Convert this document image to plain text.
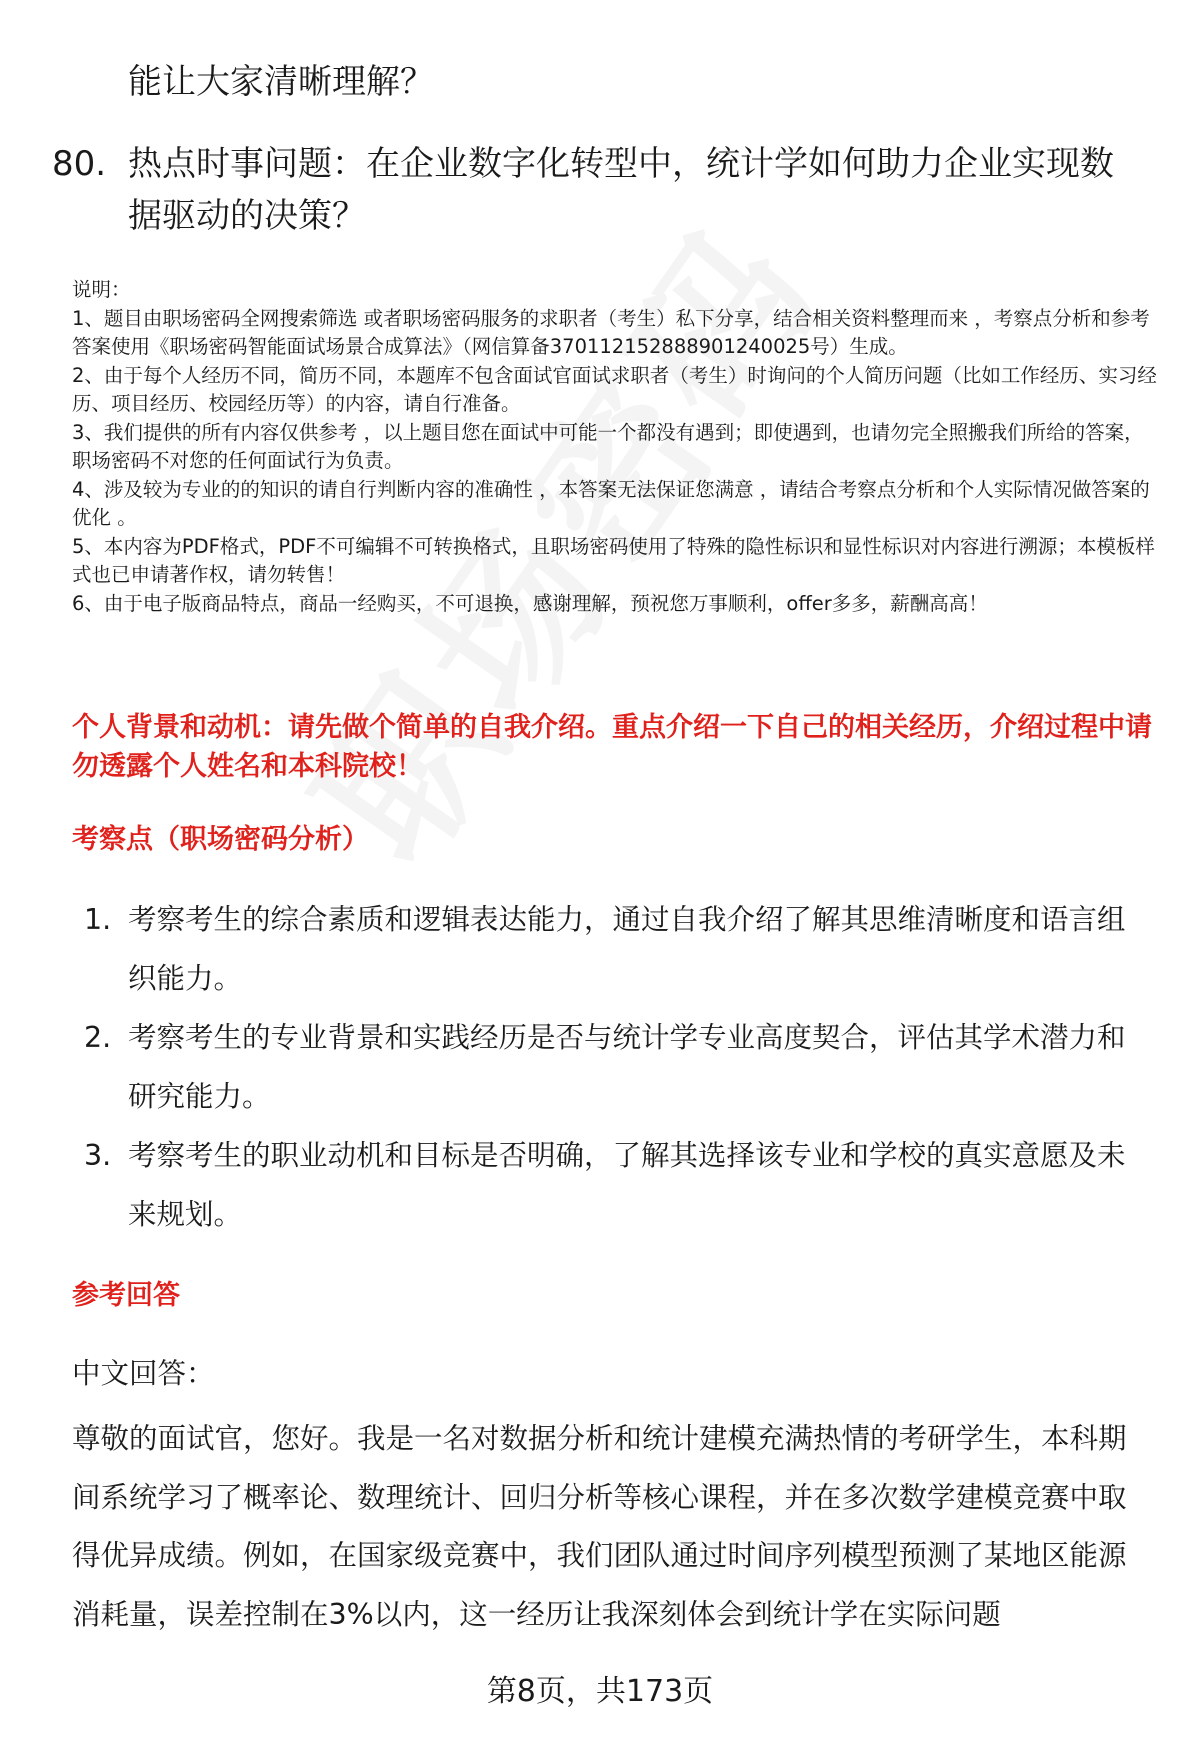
能让大家清晰理解？

80. 热点时事问题：在企业数字化转型中，统计学如何助力企业实现数据驱动的决策？

说明：

1、题目由职场密码全网搜索筛选 或者职场密码服务的求职者（考生）私下分享，结合相关资料整理而来 ，考察点分析和参考答案使用《职场密码智能面试场景合成算法》（网信算备370112152888901240025号）生成。

2、由于每个人经历不同，简历不同，本题库不包含面试官面试求职者（考生）时询问的个人简历问题（比如工作经历、实习经历、项目经历、校园经历等）的内容，请自行准备。

3、我们提供的所有内容仅供参考 ，以上题目您在面试中可能一个都没有遇到；即使遇到，也请勿完全照搬我们所给的答案，职场密码不对您的任何面试行为负责。

4、涉及较为专业的的知识的请自行判断内容的准确性 ，本答案无法保证您满意 ，请结合考察点分析和个人实际情况做答案的优化 。

5、本内容为PDF格式，PDF不可编辑不可转换格式，且职场密码使用了特殊的隐性标识和显性标识对内容进行溯源；本模板样式也已申请著作权，请勿转售！

6、由于电子版商品特点，商品一经购买，不可退换，感谢理解，预祝您万事顺利，offer多多，薪酬高高！

个人背景和动机：请先做个简单的自我介绍。重点介绍一下自己的相关经历，介绍过程中请勿透露个人姓名和本科院校！

考察点（职场密码分析）

1. 考察考生的综合素质和逻辑表达能力，通过自我介绍了解其思维清晰度和语言组织能力。
2. 考察考生的专业背景和实践经历是否与统计学专业高度契合，评估其学术潜力和研究能力。
3. 考察考生的职业动机和目标是否明确，了解其选择该专业和学校的真实意愿及未来规划。

参考回答

中文回答：

尊敬的面试官，您好。我是一名对数据分析和统计建模充满热情的考研学生，本科期间系统学习了概率论、数理统计、回归分析等核心课程，并在多次数学建模竞赛中取得优异成绩。例如，在国家级竞赛中，我们团队通过时间序列模型预测了某地区能源消耗量，误差控制在3%以内，这一经历让我深刻体会到统计学在实际问题

第8页，共173页
